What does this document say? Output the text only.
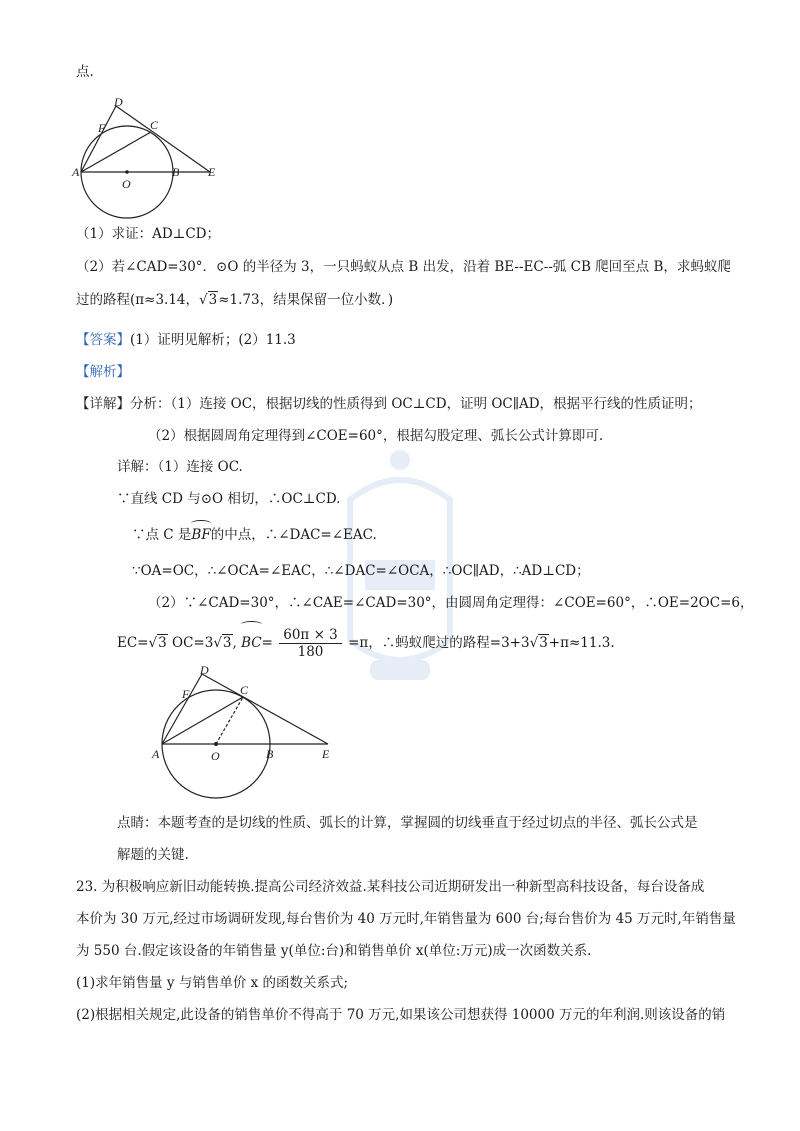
点.
D
F	C
A
O
B E
（1）求证：AD⊥CD；
（2）若∠CAD=30°．⊙O 的半径为 3，一只蚂蚁从点 B 出发，沿着 BE--EC--弧 CB 爬回至点 B，求蚂蚁爬
过的路程(π≈3.14，√3≈1.73，结果保留一位小数．)
【答案】(1）证明见解析；(2）11.3
【解析】
【详解】分析：（1）连接 OC，根据切线的性质得到 OC⊥CD，证明 OC∥AD，根据平行线的性质证明；
（2）根据圆周角定理得到∠COE=60°，根据勾股定理、弧长公式计算即可.
详解：（1）连接 OC.
∵直线 CD 与⊙O 相切，∴OC⊥CD.
∵点 C 是BF的中点，∴∠DAC=∠EAC.
∵OA=OC，∴∠OCA=∠EAC，∴∠DAC=∠OCA，∴OC∥AD，∴AD⊥CD；
（2）∵∠CAD=30°，∴∠CAE=∠CAD=30°，由圆周角定理得：∠COE=60°，∴OE=2OC=6，
EC=√3 OC=3√3, $BC= \frac{60\pi \times 3}{180} =\pi$，∴蚂蚁爬过的路程=3+3√3+π≈11.3.
D
F	C
A	O	B	E
点睛：本题考查的是切线的性质、弧长的计算，掌握圆的切线垂直于经过切点的半径、弧长公式是
解题的关键.
23. 为积极响应新旧动能转换.提高公司经济效益.某科技公司近期研发出一种新型高科技设备，每台设备成
本价为 30 万元,经过市场调研发现,每台售价为 40 万元时,年销售量为 600 台;每台售价为 45 万元时,年销售量
为 550 台.假定该设备的年销售量 y(单位:台)和销售单价 x(单位:万元)成一次函数关系.
(1)求年销售量 y 与销售单价 x 的函数关系式;
(2)根据相关规定,此设备的销售单价不得高于 70 万元,如果该公司想获得 10000 万元的年利润.则该设备的销
